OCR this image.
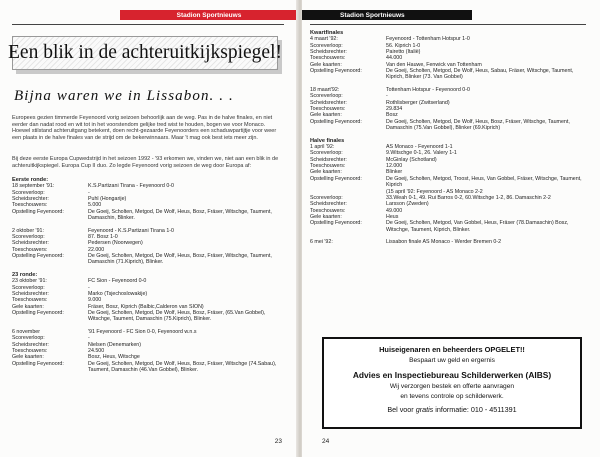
Stadion Sportnieuws
Een blik in de achteruitkijkspiegel!
Bijna waren we in Lissabon. . .

Europees gezien timmerde Feyenoord vorig seizoen behoorlijk aan de weg. Pas in de halve finales, en niet eerder dan nadat rood en wit tot in het voorstendom gelijke tred wist te houden, bogen we voor Monaco. Hoewel stilstand achteruitgang betekent, doen recht-gezaarde Feyenoorders een schaduwpartijtje voor weer een plaats in de halve finales van de strijd om de bekerwinnaars. Maar 't mag ook best iets meer zijn.

Bij deze eerste Europa Cupwedstrijd in het seizoen 1992 - '93 erkomen we, vinden we, niet aan een blik in de achteruitkijkspiegel. Europa Cup II duo. Zo legde Feyenoord vorig seizoen de weg door Europa af:

Eerste ronde:
18 september '91:	K.S.Partizani Tirana - Feyenoord 0-0
Scoreverloop:	-
Scheidsrechter:	Puhl (Hongarije)
Toeschouwers:	5.000
Opstelling Feyenoord:	De Goeij, Scholten, Metgod, De Wolf, Heus, Bosz, Fräser, Witschge, Taument, Damaschin, Blinker.
2 oktober '91:	Feyenoord - K.S.Partizani Tirana 1-0
Scoreverloop:	87. Bosz 1-0
Scheidsrechter:	Pedersen (Noorwegen)
Toeschouwers:	22.000
Opstelling Feyenoord:	De Goeij, Scholten, Metgod, De Wolf, Heus, Bosz, Fräser, Witschge, Taument, Damaschin (71.Kiprich), Blinker.
23 ronde:
23 oktober '91:	FC Sion - Feyenoord 0-0
Scoreverloop:	-
Scheidsrechter:	Marko (Tsjechoslowakije)
Toeschouwers:	9.000
Gele kaarten:	Fräser, Bosz, Kiprich (Balbic,Calderon van SION)
Opstelling Feyenoord:	De Goeij, Scholten, Metgod, De Wolf, Heus, Bosz, Fräser, (65.Van Gobbel), Witschge, Taument, Damaschin (75.Kiprich), Blinker.
6 november	'91 Feyenoord - FC Sion 0-0, Feyenoord w.n.s
Scoreverloop:	-
Scheidsrechter:	Nielsen (Denemarken)
Toeschouwers:	24.500
Gele kaarten:	Bosz, Heus, Witschge
Opstelling Feyenoord:	De Goeij, Scholten, Metgod, De Wolf, Heus, Bosz, Fräser, Witschge (74.Sabau), Taument, Damaschin (46.Van Gobbel), Blinker.
23
Stadion Sportnieuws
Kwartfinales
4 maart '92:	Feyenoord - Tottenham Hotspur 1-0
Scoreverloop:	56. Kiprich 1-0
Scheidsrechter:	Pairetto (Italië)
Toeschouwers:	44.000
Gele kaarten:	Van den Hauwe, Fenwick van Tottenham
Opstelling Feyenoord:	De Goeij, Scholten, Metgod, De Wolf, Heus, Sabau, Fräser, Witschge, Taument, Kiprich, Blinker (73. Van Gobbel)
18 maart'92:	Tottenham Hotspur - Feyenoord 0-0
Scoreverloop:	-
Scheidsrechter:	Rothlisberger (Zwitserland)
Toeschouwers:	29.834
Gele kaarten:	Bosz
Opstelling Feyenoord:	De Goeij, Scholten, Metgod, De Wolf, Heus, Bosz, Fräser, Witschge, Taument, Damaschin (75.Van Gobbel), Blinker (69.Kiprich)
Halve finales
1 april '92:	AS Monaco - Feyenoord 1-1
Scoreverloop:	9.Witschge 0-1, 26. Valery 1-1
Scheidsrechter:	McGinlay (Schotland)
Toeschouwers:	12.000
Gele kaarten:	Blinker
Opstelling Feyenoord:	De Goeij, Scholten, Metgod, Troost, Heus, Van Gobbel, Fräser, Witschge, Taument, Kiprich
(15 april '92: Feyenoord - AS Monaco 2-2
Scoreverloop:	33.Weah 0-1, 49. Rui Barros 0-2, 60.Witschge 1-2, 86. Damaschin 2-2
Scheidsrechter:	Larsson (Zweden)
Toeschouwers:	49.000
Gele kaarten:	Heus
Opstelling Feyenoord:	De Goeij, Scholten, Metgod, Van Gobbel, Heus, Fräser (78.Damaschin) Bosz, Witschge, Taument, Kiprich, Blinker.
6 mei '92:	Lissabon finale AS Monaco - Werder Bremen 0-2
Huiseigenaren en beheerders OPGELET!!
Bespaart uw geld en ergernis
Advies en Inspectiebureau Schilderwerken (AIBS)
Wij verzorgen bestek en offerte aanvragen
en tevens controle op schilderwerk.
Bel voor gratis informatie: 010 - 4511391
24
